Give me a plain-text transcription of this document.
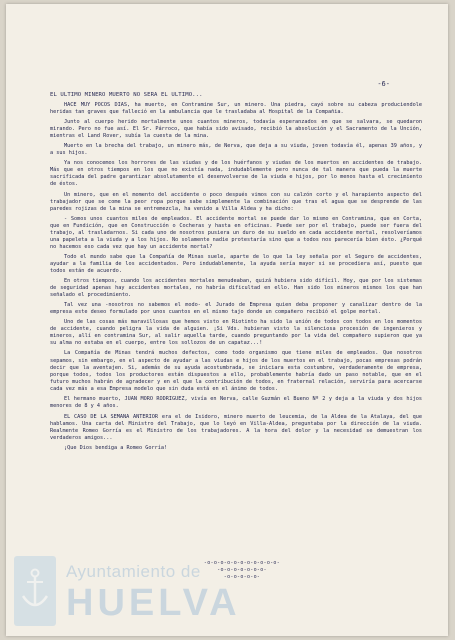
-6-
EL ULTIMO MINERO MUERTO NO SERA EL ULTIMO...

HACE MUY POCOS DIAS, ha muerto, en Contramine Sur, un minero. Una piedra, cayó sobre su cabeza produciendole heridas tan graves que falleció en la ambulancia que le trasladaba al Hospital de la Compañia.

Junto al cuerpo herido mortalmente unos cuantos mineros, todavía esperanzados en que se salvara, se quedaron mirando. Pero no fue así. El Sr. Párroco, que había sido avisado, recibió la absolución y el Sacramento de la Unción, mientras el Land Rover, subía la cuesta de la mina.

Muerto en la brecha del trabajo, un minero más, de Nerva, que deja a su viuda, joven todavía él, apenas 39 años, y a sus hijos.

Ya nos conocemos los horrores de las viudas y de los huérfanos y viudas de los muertos en accidentes de trabajo. Más que en otros tiempos en los que no existía nada, indudablemente pero nunca de tal manera que pueda la muerte sacrificada del padre garantizar absolutamente el desenvolverse de la viuda e hijos, por lo menos hasta el crecimiento de éstos.

Un minero, que en el momento del accidente o poco después vimos con su calzón corto y el harapiento aspecto del trabajador que se come la peor ropa porque sabe simplemente la combinación que tras el agua que se desprende de las paredes rojizas de la mina se entremezcla, ha venido a Villa Aldea y ha dicho:

- Somos unos cuantos miles de empleados. El accidente mortal se puede dar lo mismo en Contramina, que en Corta, que en Fundición, que en Construcción o Cocheras y hasta en oficinas. Puede ser por el trabajo, puede ser fuera del trabajo, al trasladarnos. Si cada uno de nosotros pusiera un duro de su sueldo en cada accidente mortal, resolveríamos una papeleta a la viuda y a los hijos. No solamente nadie protestaría sino que a todos nos parecería bien ésto. ¿Porqué no hacemos eso cada vez que hay un accidente mortal?

Todo el mundo sabe que la Compañía de Minas suele, aparte de lo que la ley señala por el Seguro de accidentes, ayudar a la familia de los accidentados. Pero indudablemente, la ayuda sería mayor si se procediera así, puesto que todos están de acuerdo.

En otros tiempos, cuando los accidentes mortales menudeaban, quizá hubiera sido difícil. Hoy, que por los sistemas de seguridad apenas hay accidentes mortales, no habría dificultad en ello. Han sido los mineros mismos los que han señalado el procedimiento.

Tal vez una -nosotros no sabemos el modo- el Jurado de Empresa quien deba proponer y canalizar dentro de la empresa este deseo formulado por unos cuantos en el mismo tajo donde un compañero recibió el golpe mortal.

Uno de las cosas más maravillosas que hemos visto en Riotinto ha sido la unión de todos con todos en los momentos de accidente, cuando peligra la vida de alguien. ¡Si Vds. hubieran visto la silenciosa procesión de ingenieros y mineros, allí en contramina Sur, al salir aquella tarde, cuando preguntando por la vida del compañero supieron que ya su alma no estaba en el cuerpo, entre los sollozos de un capataz...!

La Compañía de Minas tendrá muchos defectos, como todo organismo que tiene miles de empleados. Que nosotros sepamos, sin embargo, en el aspecto de ayudar a las viudas e hijos de los muertos en el trabajo, pocas empresas podrán decir que la aventajen. Si, además de su ayuda acostumbrada, se iniciara esta costumbre, verdaderamente de empresa, porque todos, todos los productores están dispuestos a ello, probablemente habría dado un paso notable, que en el futuro muchos habrán de agradecer y en el que la contribución de todos, en fraternal relación, serviría para acercarse cada vez más a esa Empresa modelo que sin duda está en el ánimo de todos.

El hermano muerto, JUAN MORO RODRIGUEZ, vivía en Nerva, calle Guzmán el Bueno Nº 2 y deja a la viuda y dos hijos menores de 8 y 4 años.

EL CASO DE LA SEMANA ANTERIOR era el de Isidoro, minero muerto de leucemia, de la Aldea de la Atalaya, del que hablamos. Una carta del Ministro del Trabajo, que lo leyó en Villa-Aldea, preguntaba por la dirección de la viuda. Realmente Romeo Gorría es el Ministro de los trabajadores. A la hora del dolor y la necesidad se demuestran los verdaderos amigos...

¡Que Dios bendiga a Romeo Gorría!

-o-o-o-o-o-o-o-o-o-o-o-
-o-o-o-o-o-o-o-
-o-o-o-o-o-
Ayuntamiento de
HUELVA
